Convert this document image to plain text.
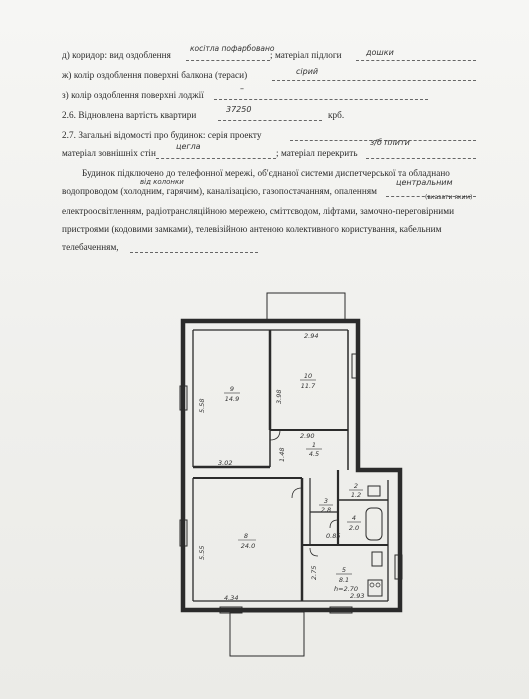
д) коридор: вид оздоблення
косітла пофарбовано
; матеріал підлоги	дошки
ж) колір оздоблення поверхні балкона (тераси)	сірий
з) колір оздоблення поверхні лоджії
–
2.6. Відновлена вартість квартири
37250
крб.
2.7. Загальні відомості про будинок: серія проекту
матеріал зовнішніх стін
цегла
; матеріал перекрить
з/б плити
Будинок підключено до телефонної мережі, об'єднаної системи диспетчерської та обладнано
від колонки
водопроводом (холодним, гарячим), каналізацією, газопостачанням, опаленням
центральним
(вказати яким)
електроосвітленням, радіотрансляційною мережею, сміттєводом, ліфтами, замочно-переговірними
пристроями (кодовими замками), телевізійною антеною колективного користування, кабельним
телебаченням,
9
14.9
10
11.7
8
24.0
1
4.5
2
1.2
3
2.8
4
2.0
5
8.1
2.94
5.58
3.02
3.98
2.90
1.48
5.55
4.34
2.75
2.93
0.85
h=2.70
